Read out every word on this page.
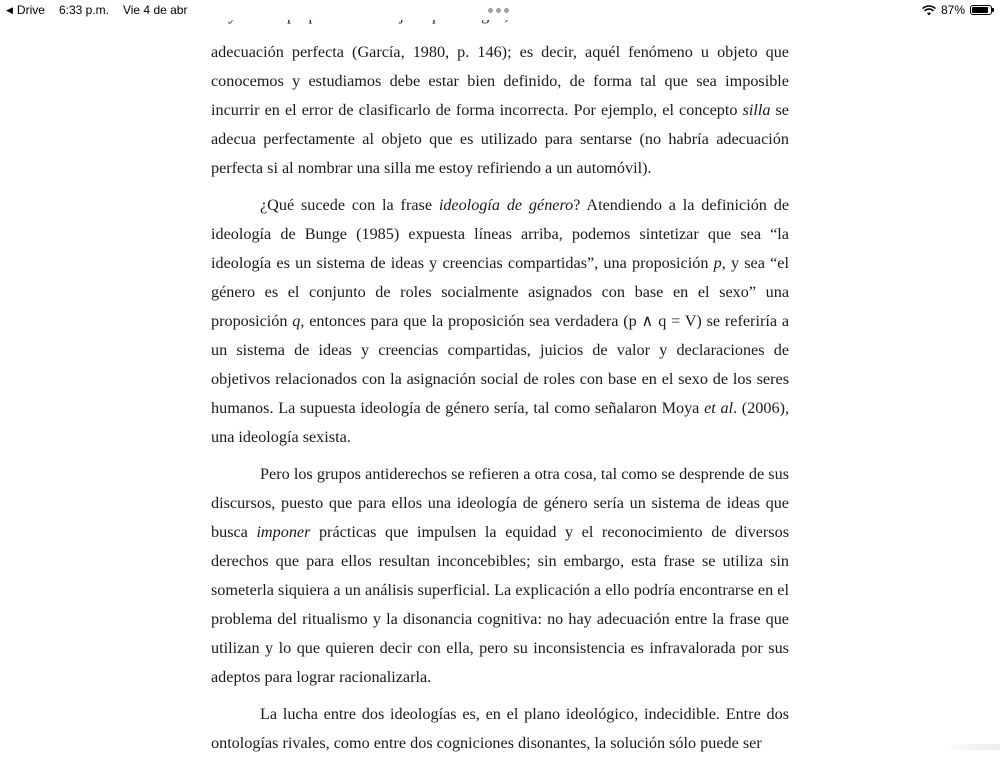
◀ Drive 6:33 p.m. Vie 4 de abr	87%

adecuación perfecta (García, 1980, p. 146); es decir, aquél fenómeno u objeto que conocemos y estudiamos debe estar bien definido, de forma tal que sea imposible incurrir en el error de clasificarlo de forma incorrecta. Por ejemplo, el concepto silla se adecua perfectamente al objeto que es utilizado para sentarse (no habría adecuación perfecta si al nombrar una silla me estoy refiriendo a un automóvil).

¿Qué sucede con la frase ideología de género? Atendiendo a la definición de ideología de Bunge (1985) expuesta líneas arriba, podemos sintetizar que sea “la ideología es un sistema de ideas y creencias compartidas”, una proposición p, y sea “el género es el conjunto de roles socialmente asignados con base en el sexo” una proposición q, entonces para que la proposición sea verdadera (p ∧ q = V) se referiría a un sistema de ideas y creencias compartidas, juicios de valor y declaraciones de objetivos relacionados con la asignación social de roles con base en el sexo de los seres humanos. La supuesta ideología de género sería, tal como señalaron Moya et al. (2006), una ideología sexista.

Pero los grupos antiderechos se refieren a otra cosa, tal como se desprende de sus discursos, puesto que para ellos una ideología de género sería un sistema de ideas que busca imponer prácticas que impulsen la equidad y el reconocimiento de diversos derechos que para ellos resultan inconcebibles; sin embargo, esta frase se utiliza sin someterla siquiera a un análisis superficial. La explicación a ello podría encontrarse en el problema del ritualismo y la disonancia cognitiva: no hay adecuación entre la frase que utilizan y lo que quieren decir con ella, pero su inconsistencia es infravalorada por sus adeptos para lograr racionalizarla.

La lucha entre dos ideologías es, en el plano ideológico, indecidible. Entre dos ontologías rivales, como entre dos cogniciones disonantes, la solución sólo puede ser
